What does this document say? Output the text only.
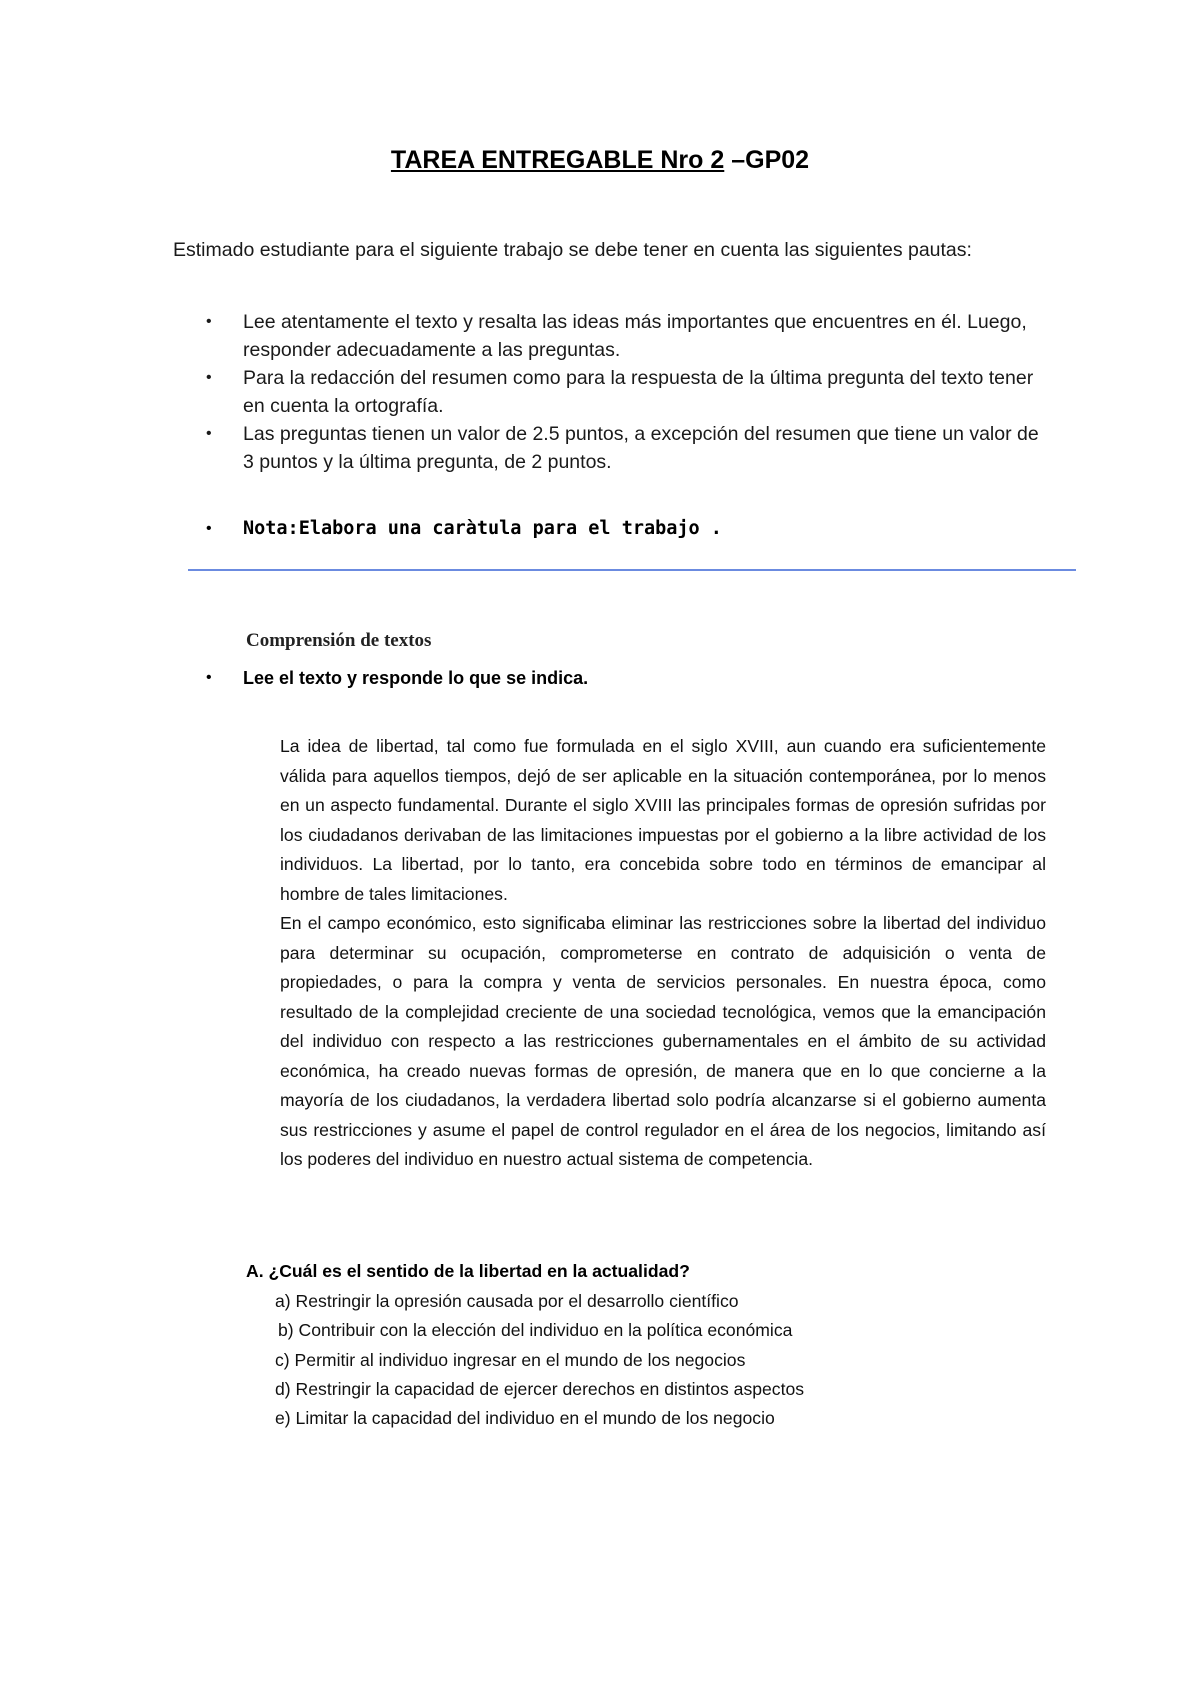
TAREA ENTREGABLE Nro 2 –GP02
Estimado estudiante para el siguiente trabajo se debe tener en cuenta las siguientes pautas:
• Lee atentamente el texto y resalta las ideas más importantes que encuentres en él. Luego, responder adecuadamente a las preguntas.
• Para la redacción del resumen como para la respuesta de la última pregunta del texto tener en cuenta la ortografía.
• Las preguntas tienen un valor de 2.5 puntos, a excepción del resumen que tiene un valor de 3 puntos y la última pregunta, de 2 puntos.
• Nota:Elabora una caràtula para el trabajo .
Comprensión de textos
• Lee el texto y responde lo que se indica.

La idea de libertad, tal como fue formulada en el siglo XVIII, aun cuando era suficientemente válida para aquellos tiempos, dejó de ser aplicable en la situación contemporánea, por lo menos en un aspecto fundamental. Durante el siglo XVIII las principales formas de opresión sufridas por los ciudadanos derivaban de las limitaciones impuestas por el gobierno a la libre actividad de los individuos. La libertad, por lo tanto, era concebida sobre todo en términos de emancipar al hombre de tales limitaciones.

En el campo económico, esto significaba eliminar las restricciones sobre la libertad del individuo para determinar su ocupación, comprometerse en contrato de adquisición o venta de propiedades, o para la compra y venta de servicios personales. En nuestra época, como resultado de la complejidad creciente de una sociedad tecnológica, vemos que la emancipación del individuo con respecto a las restricciones gubernamentales en el ámbito de su actividad económica, ha creado nuevas formas de opresión, de manera que en lo que concierne a la mayoría de los ciudadanos, la verdadera libertad solo podría alcanzarse si el gobierno aumenta sus restricciones y asume el papel de control regulador en el área de los negocios, limitando así los poderes del individuo en nuestro actual sistema de competencia.

A. ¿Cuál es el sentido de la libertad en la actualidad?
a) Restringir la opresión causada por el desarrollo científico
b) Contribuir con la elección del individuo en la política económica
c) Permitir al individuo ingresar en el mundo de los negocios
d) Restringir la capacidad de ejercer derechos en distintos aspectos
e) Limitar la capacidad del individuo en el mundo de los negocio
